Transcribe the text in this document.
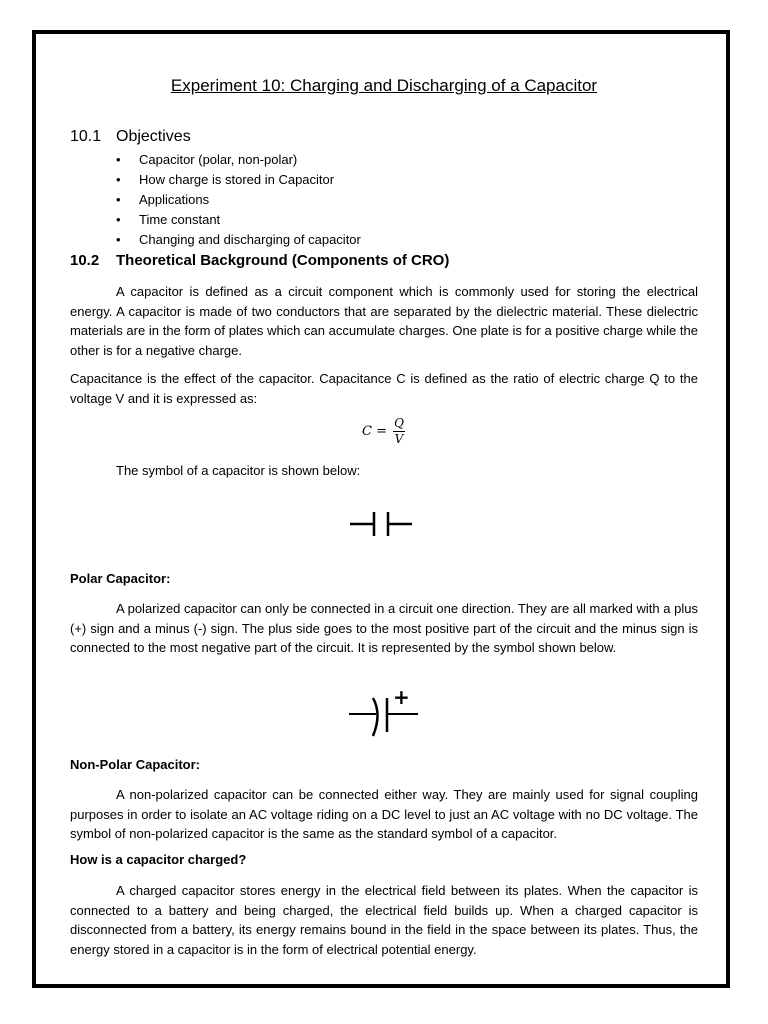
Experiment 10: Charging and Discharging of a Capacitor
10.1 Objectives
• Capacitor (polar, non-polar)
• How charge is stored in Capacitor
• Applications
• Time constant
• Changing and discharging of capacitor
10.2 Theoretical Background (Components of CRO)

A capacitor is defined as a circuit component which is commonly used for storing the electrical energy. A capacitor is made of two conductors that are separated by the dielectric material. These dielectric materials are in the form of plates which can accumulate charges. One plate is for a positive charge while the other is for a negative charge.

Capacitance is the effect of the capacitor. Capacitance C is defined as the ratio of electric charge Q to the voltage V and it is expressed as:

$C = \frac{Q}{V}$

The symbol of a capacitor is shown below:

Polar Capacitor:

A polarized capacitor can only be connected in a circuit one direction. They are all marked with a plus (+) sign and a minus (-) sign. The plus side goes to the most positive part of the circuit and the minus sign is connected to the most negative part of the circuit. It is represented by the symbol shown below.

+
Non-Polar Capacitor:

A non-polarized capacitor can be connected either way. They are mainly used for signal coupling purposes in order to isolate an AC voltage riding on a DC level to just an AC voltage with no DC voltage. The symbol of non-polarized capacitor is the same as the standard symbol of a capacitor.

How is a capacitor charged?

A charged capacitor stores energy in the electrical field between its plates. When the capacitor is connected to a battery and being charged, the electrical field builds up. When a charged capacitor is disconnected from a battery, its energy remains bound in the field in the space between its plates. Thus, the energy stored in a capacitor is in the form of electrical potential energy.
